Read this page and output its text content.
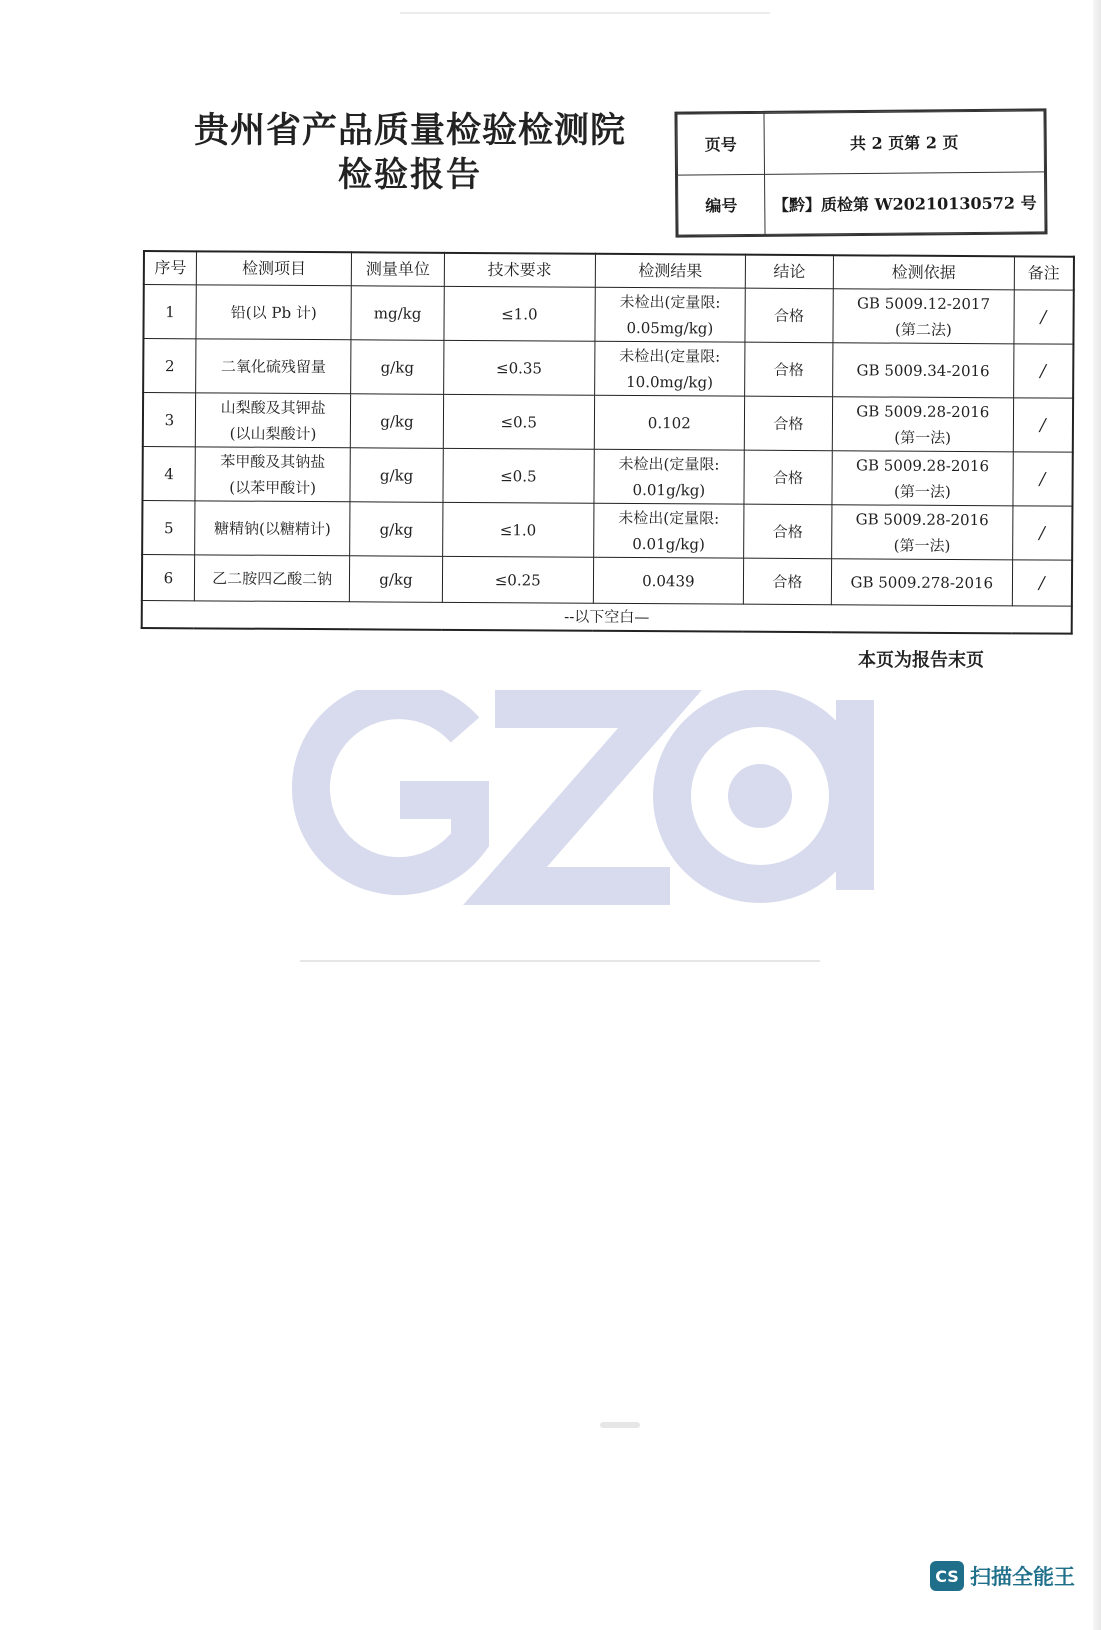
贵州省产品质量检验检测院
检验报告
页号	共 2 页第 2 页
编号	【黔】质检第 W20210130572 号
序号	检测项目	测量单位	技术要求	检测结果	结论	检测依据	备注
1	铅(以 Pb 计)	mg/kg	≤1.0	未检出(定量限:
0.05mg/kg)	合格	GB 5009.12-2017
(第二法)	/
2	二氧化硫残留量	g/kg	≤0.35	未检出(定量限:
10.0mg/kg)	合格	GB 5009.34-2016	/
3	山梨酸及其钾盐
(以山梨酸计)	g/kg	≤0.5	0.102	合格	GB 5009.28-2016
(第一法)	/
4	苯甲酸及其钠盐
(以苯甲酸计)	g/kg	≤0.5	未检出(定量限:
0.01g/kg)	合格	GB 5009.28-2016
(第一法)	/
5	糖精钠(以糖精计)	g/kg	≤1.0	未检出(定量限:
0.01g/kg)	合格	GB 5009.28-2016
(第一法)	/
6	乙二胺四乙酸二钠	g/kg	≤0.25	0.0439	合格	GB 5009.278-2016	/
--以下空白—							
本页为报告末页
CS 扫描全能王
